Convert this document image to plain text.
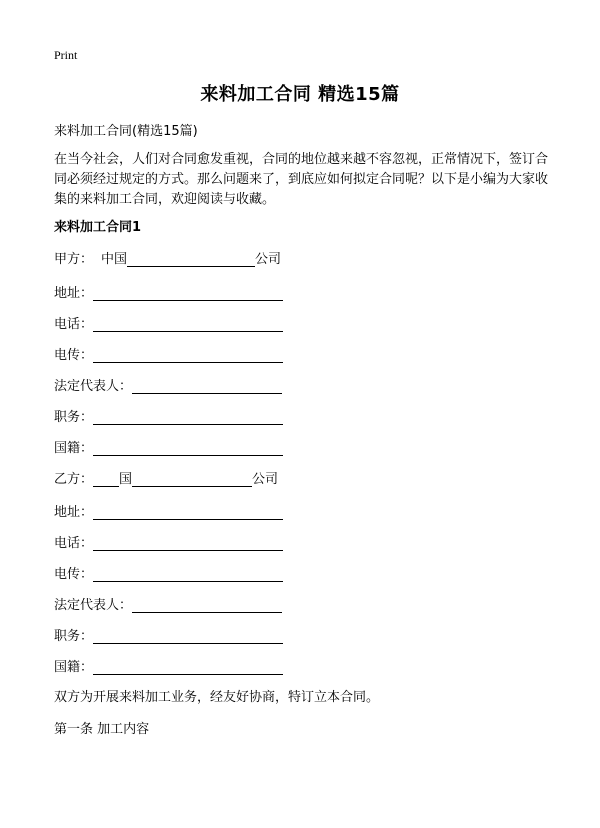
Print
来料加工合同 精选15篇
来料加工合同(精选15篇)
在当今社会，人们对合同愈发重视，合同的地位越来越不容忽视，正常情况下，签订合同必须经过规定的方式。那么问题来了，到底应如何拟定合同呢？以下是小编为大家收集的来料加工合同，欢迎阅读与收藏。
来料加工合同1
甲方： 中国	公司
地址：
电话：
电传：
法定代表人：
职务：
国籍：
乙方： 国	公司
地址：
电话：
电传：
法定代表人：
职务：
国籍：
双方为开展来料加工业务，经友好协商，特订立本合同。
第一条 加工内容
